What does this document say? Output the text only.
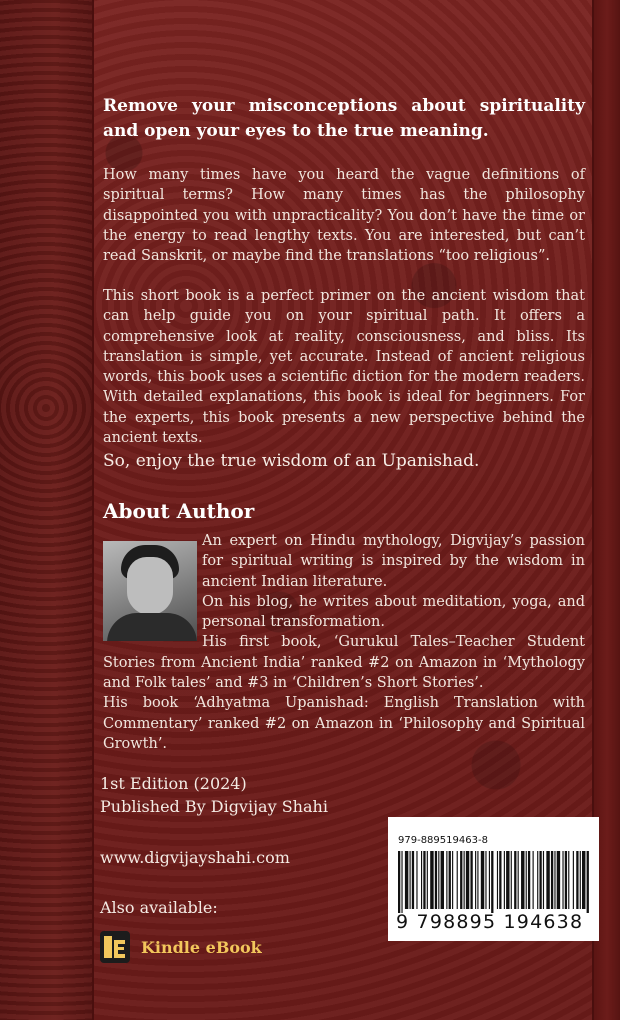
Remove your misconceptions about spirituality and open your eyes to the true meaning.

How many times have you heard the vague definitions of spiritual terms? How many times has the philosophy disappointed you with unpracticality? You don’t have the time or the energy to read lengthy texts. You are interested, but can’t read Sanskrit, or maybe find the translations “too religious”.

This short book is a perfect primer on the ancient wisdom that can help guide you on your spiritual path. It offers a comprehensive look at reality, consciousness, and bliss. Its translation is simple, yet accurate. Instead of ancient religious words, this book uses a scientific diction for the modern readers. With detailed explanations, this book is ideal for beginners. For the experts, this book presents a new perspective behind the ancient texts.

So, enjoy the true wisdom of an Upanishad.

About Author
An expert on Hindu mythology, Digvijay’s passion for spiritual writing is inspired by the wisdom in ancient Indian literature.
On his blog, he writes about meditation, yoga, and personal transformation.
His first book, ‘Gurukul Tales–Teacher Student Stories from Ancient India’ ranked #2 on Amazon in ‘Mythology and Folk tales’ and #3 in ‘Children’s Short Stories’.
His book ‘Adhyatma Upanishad: English Translation with Commentary’ ranked #2 on Amazon in ‘Philosophy and Spiritual Growth’.
1st Edition (2024)
Published By Digvijay Shahi
www.digvijayshahi.com
Also available:
Kindle eBook
979-889519463-8
9 798895 194638
